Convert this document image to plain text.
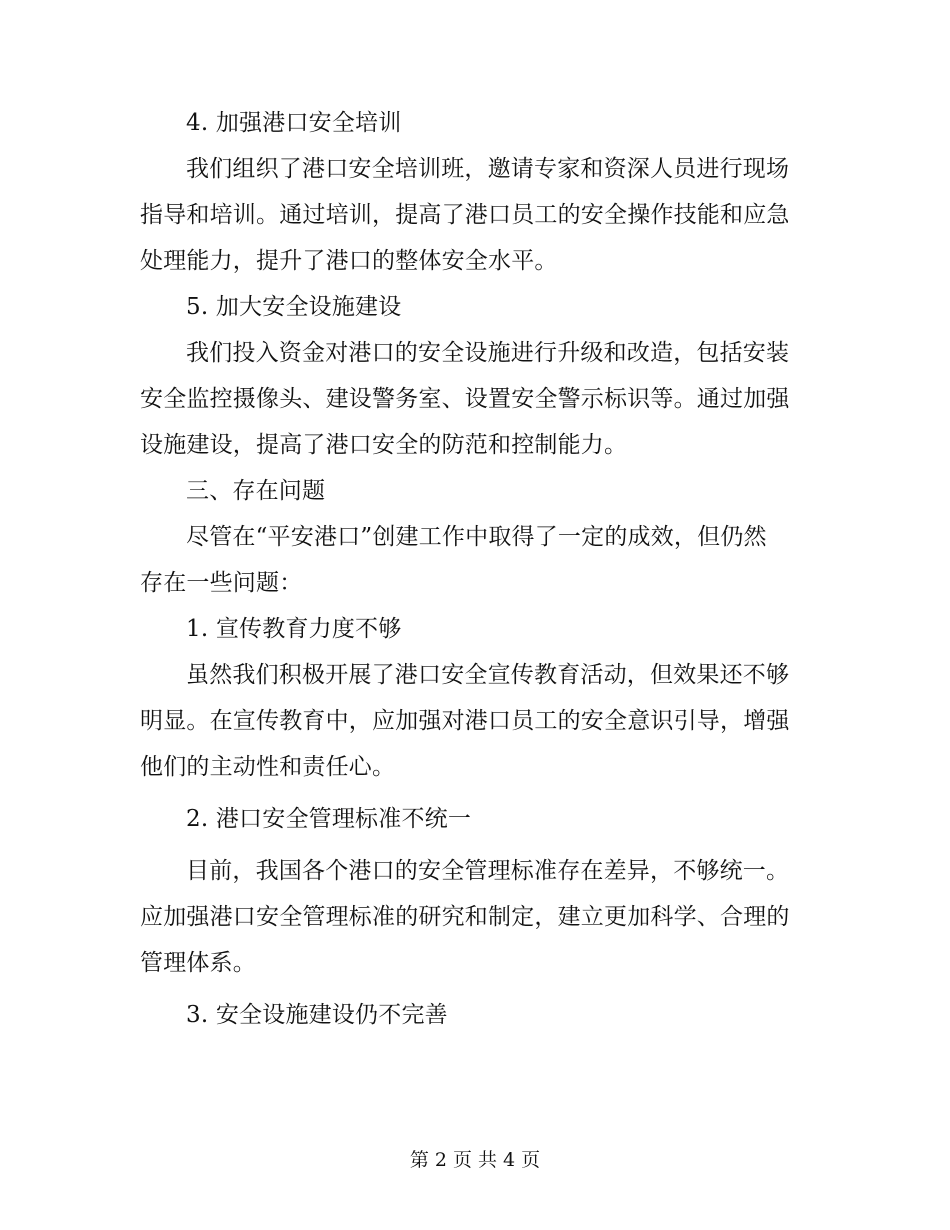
4. 加强港口安全培训
我们组织了港口安全培训班，邀请专家和资深人员进行现场
指导和培训。通过培训，提高了港口员工的安全操作技能和应急
处理能力，提升了港口的整体安全水平。
5. 加大安全设施建设
我们投入资金对港口的安全设施进行升级和改造，包括安装
安全监控摄像头、建设警务室、设置安全警示标识等。通过加强
设施建设，提高了港口安全的防范和控制能力。
三、存在问题
尽管在“平安港口”创建工作中取得了一定的成效，但仍然
存在一些问题：
1. 宣传教育力度不够
虽然我们积极开展了港口安全宣传教育活动，但效果还不够
明显。在宣传教育中，应加强对港口员工的安全意识引导，增强
他们的主动性和责任心。
2. 港口安全管理标准不统一
目前，我国各个港口的安全管理标准存在差异，不够统一。
应加强港口安全管理标准的研究和制定，建立更加科学、合理的
管理体系。
3. 安全设施建设仍不完善
第 2 页 共 4 页
